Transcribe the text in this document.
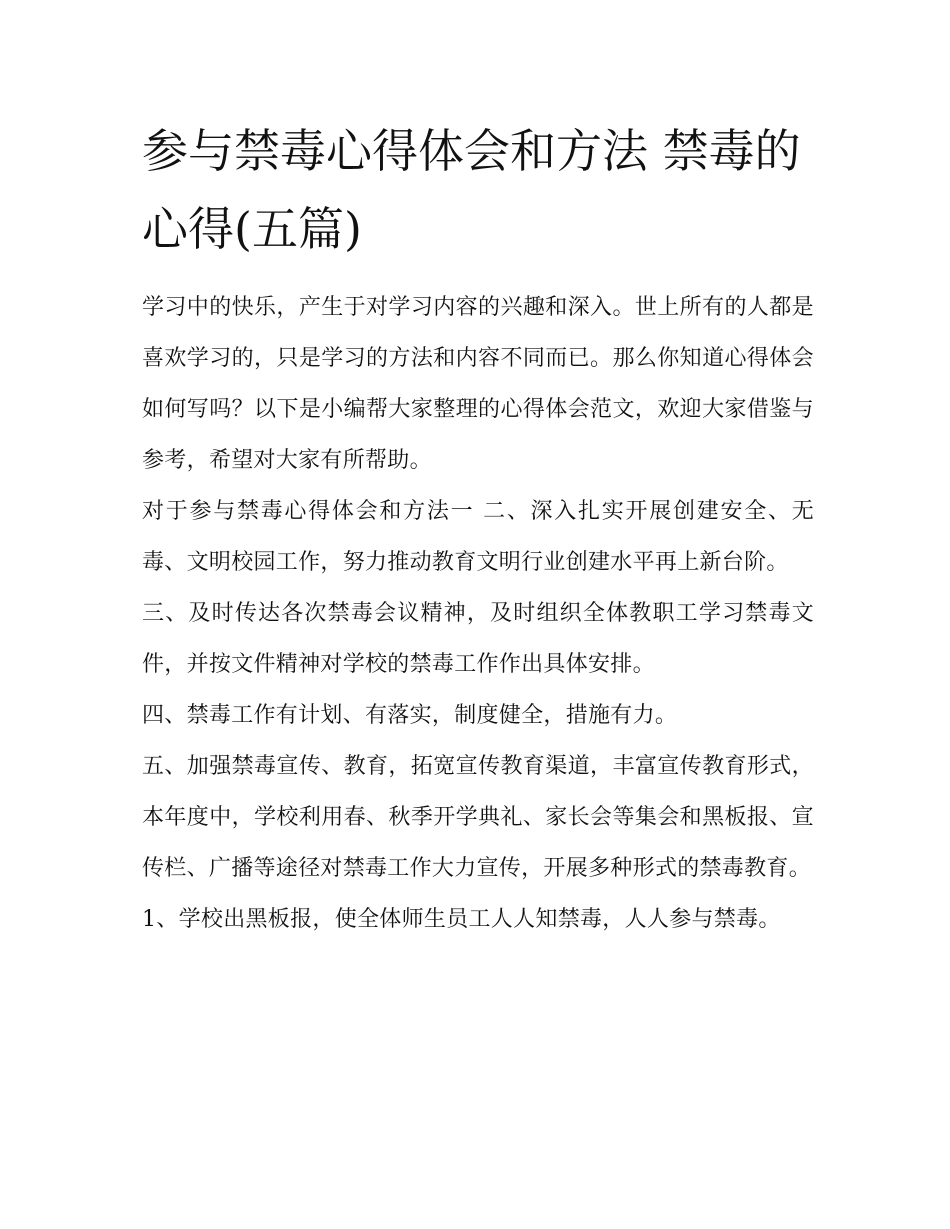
参与禁毒心得体会和方法 禁毒的心得(五篇)

学习中的快乐，产生于对学习内容的兴趣和深入。世上所有的人都是喜欢学习的，只是学习的方法和内容不同而已。那么你知道心得体会如何写吗？以下是小编帮大家整理的心得体会范文，欢迎大家借鉴与参考，希望对大家有所帮助。

对于参与禁毒心得体会和方法一 二、深入扎实开展创建安全、无毒、文明校园工作，努力推动教育文明行业创建水平再上新台阶。

三、及时传达各次禁毒会议精神，及时组织全体教职工学习禁毒文件，并按文件精神对学校的禁毒工作作出具体安排。

四、禁毒工作有计划、有落实，制度健全，措施有力。

五、加强禁毒宣传、教育，拓宽宣传教育渠道，丰富宣传教育形式，本年度中，学校利用春、秋季开学典礼、家长会等集会和黑板报、宣传栏、广播等途径对禁毒工作大力宣传，开展多种形式的禁毒教育。

1、学校出黑板报，使全体师生员工人人知禁毒，人人参与禁毒。
